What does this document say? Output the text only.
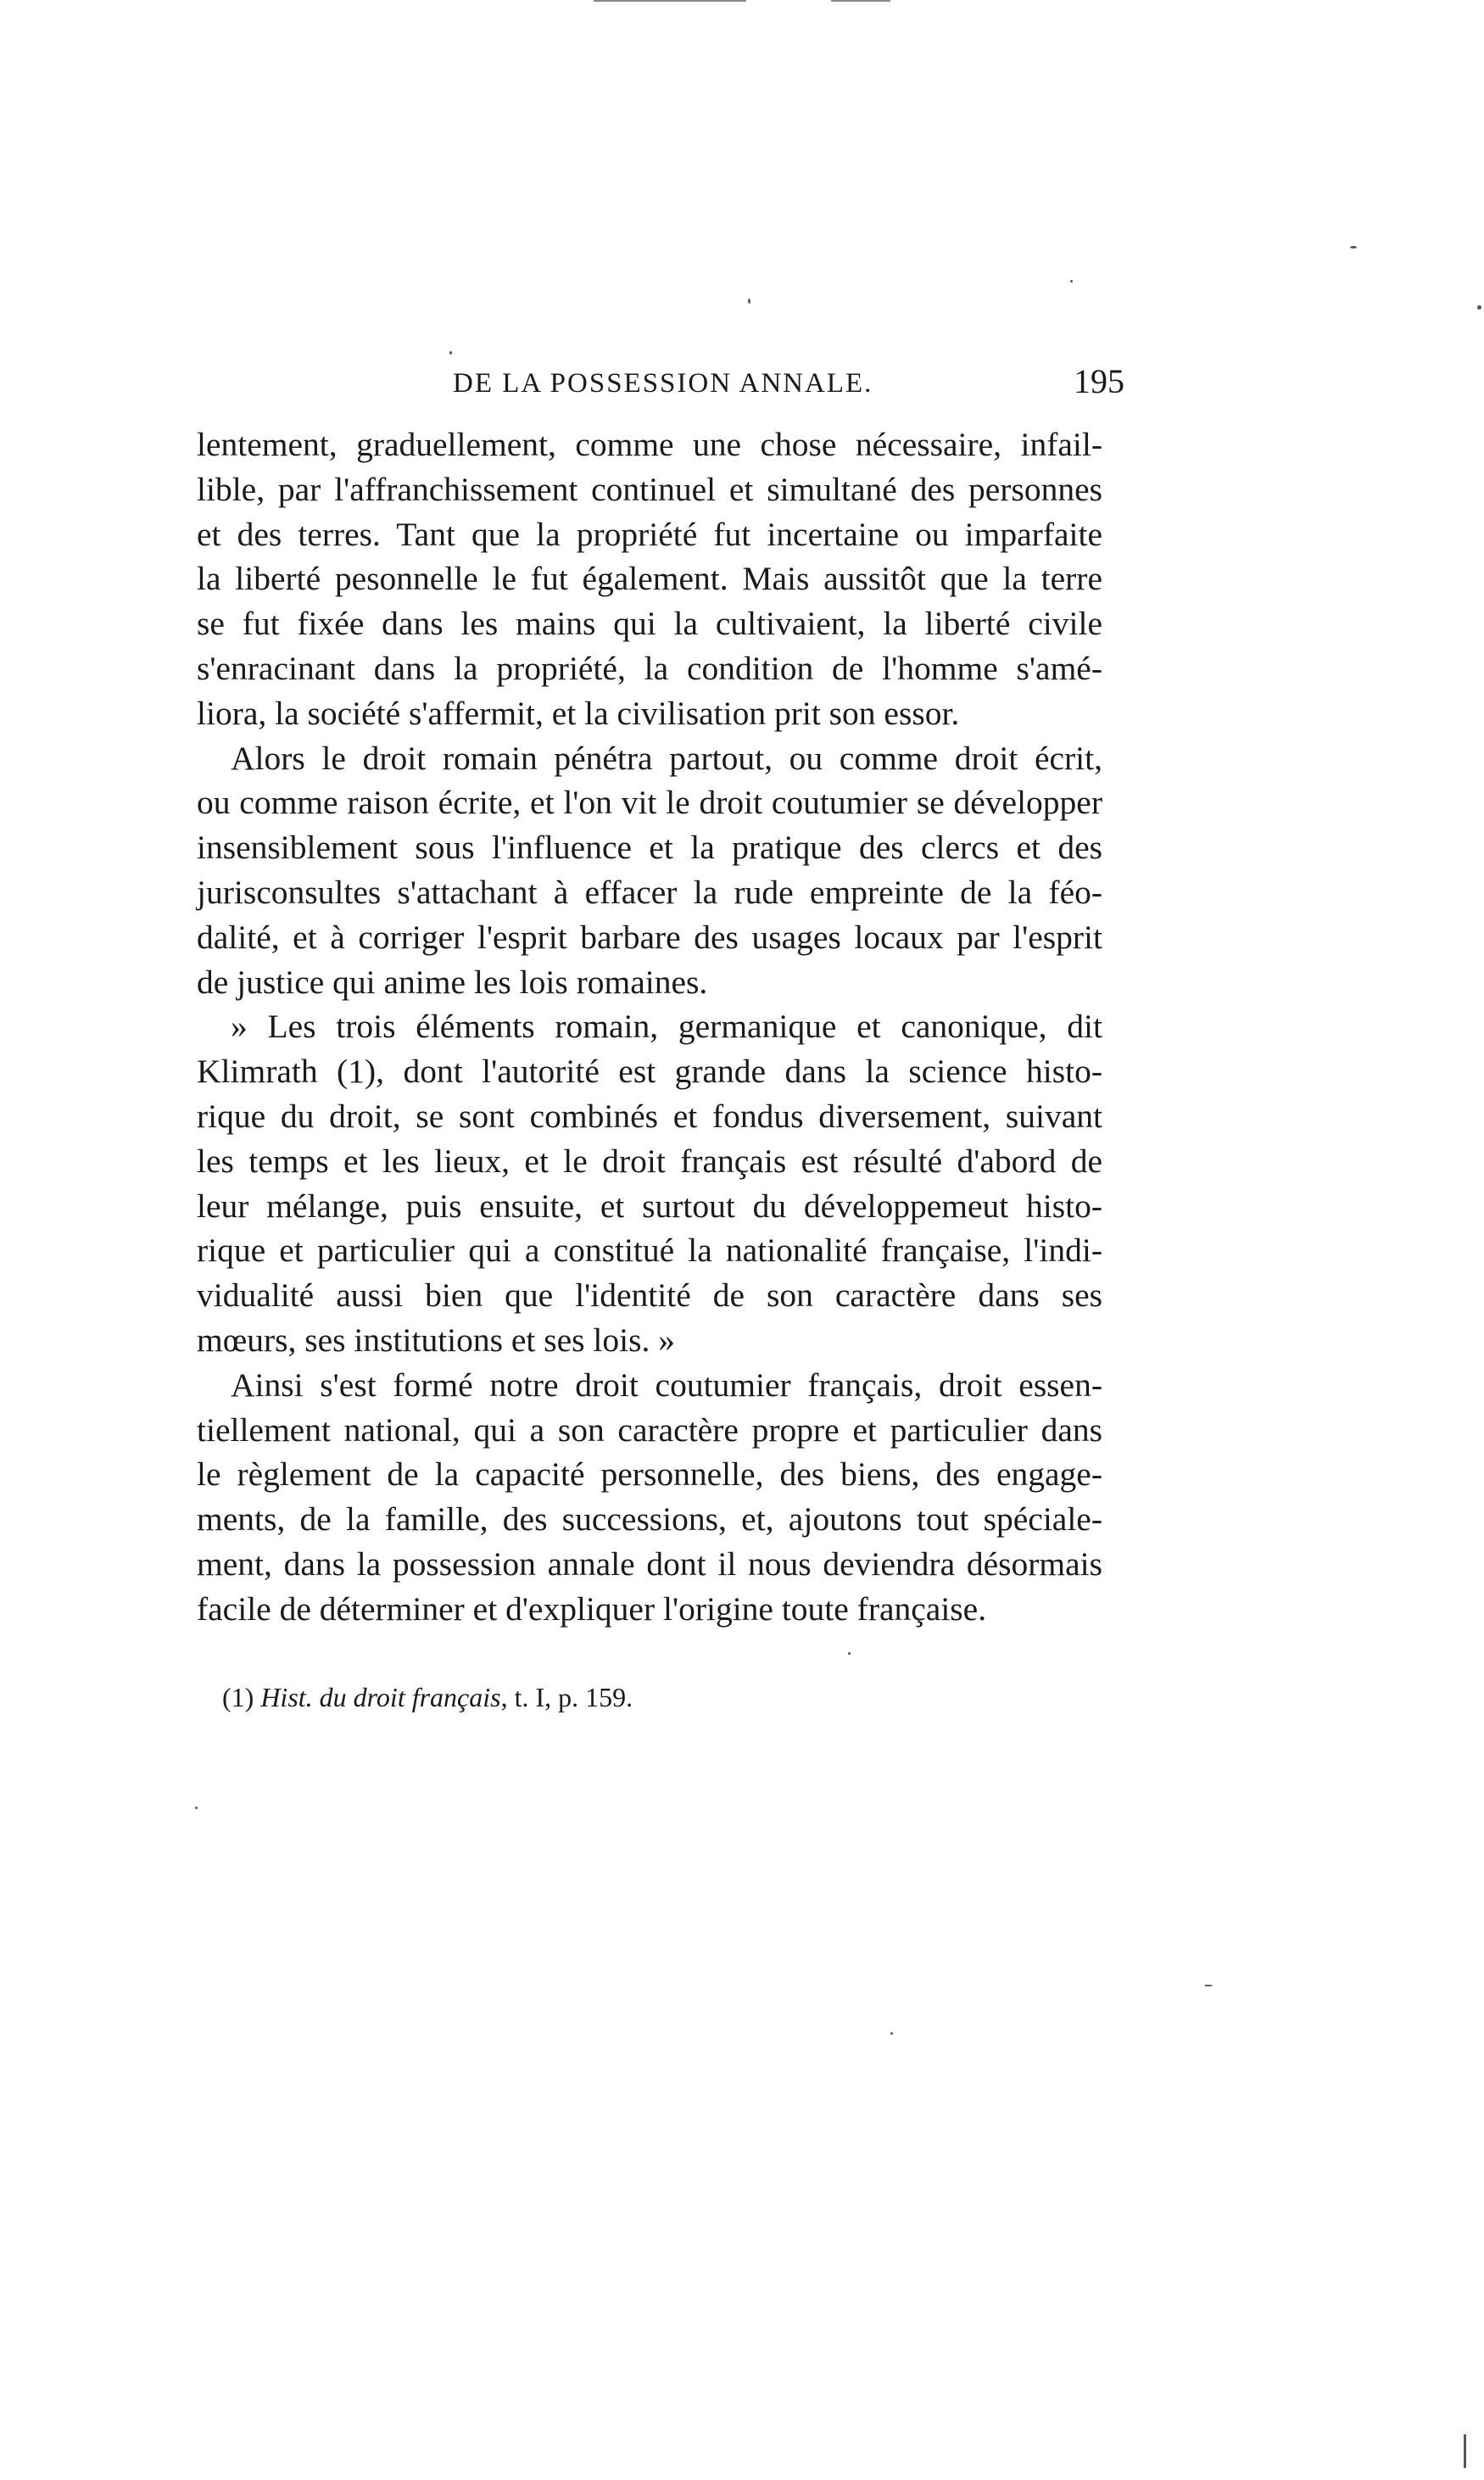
DE LA POSSESSION ANNALE.	195
lentement, graduellement, comme une chose nécessaire, infail-
lible, par l'affranchissement continuel et simultané des personnes
et des terres. Tant que la propriété fut incertaine ou imparfaite
la liberté pesonnelle le fut également. Mais aussitôt que la terre
se fut fixée dans les mains qui la cultivaient, la liberté civile
s'enracinant dans la propriété, la condition de l'homme s'amé-
liora, la société s'affermit, et la civilisation prit son essor.
Alors le droit romain pénétra partout, ou comme droit écrit,
ou comme raison écrite, et l'on vit le droit coutumier se développer
insensiblement sous l'influence et la pratique des clercs et des
jurisconsultes s'attachant à effacer la rude empreinte de la féo-
dalité, et à corriger l'esprit barbare des usages locaux par l'esprit
de justice qui anime les lois romaines.
» Les trois éléments romain, germanique et canonique, dit
Klimrath (1), dont l'autorité est grande dans la science histo-
rique du droit, se sont combinés et fondus diversement, suivant
les temps et les lieux, et le droit français est résulté d'abord de
leur mélange, puis ensuite, et surtout du développemeut histo-
rique et particulier qui a constitué la nationalité française, l'indi-
vidualité aussi bien que l'identité de son caractère dans ses
mœurs, ses institutions et ses lois. »
Ainsi s'est formé notre droit coutumier français, droit essen-
tiellement national, qui a son caractère propre et particulier dans
le règlement de la capacité personnelle, des biens, des engage-
ments, de la famille, des successions, et, ajoutons tout spéciale-
ment, dans la possession annale dont il nous deviendra désormais
facile de déterminer et d'expliquer l'origine toute française.
(1) Hist. du droit français, t. I, p. 159.
